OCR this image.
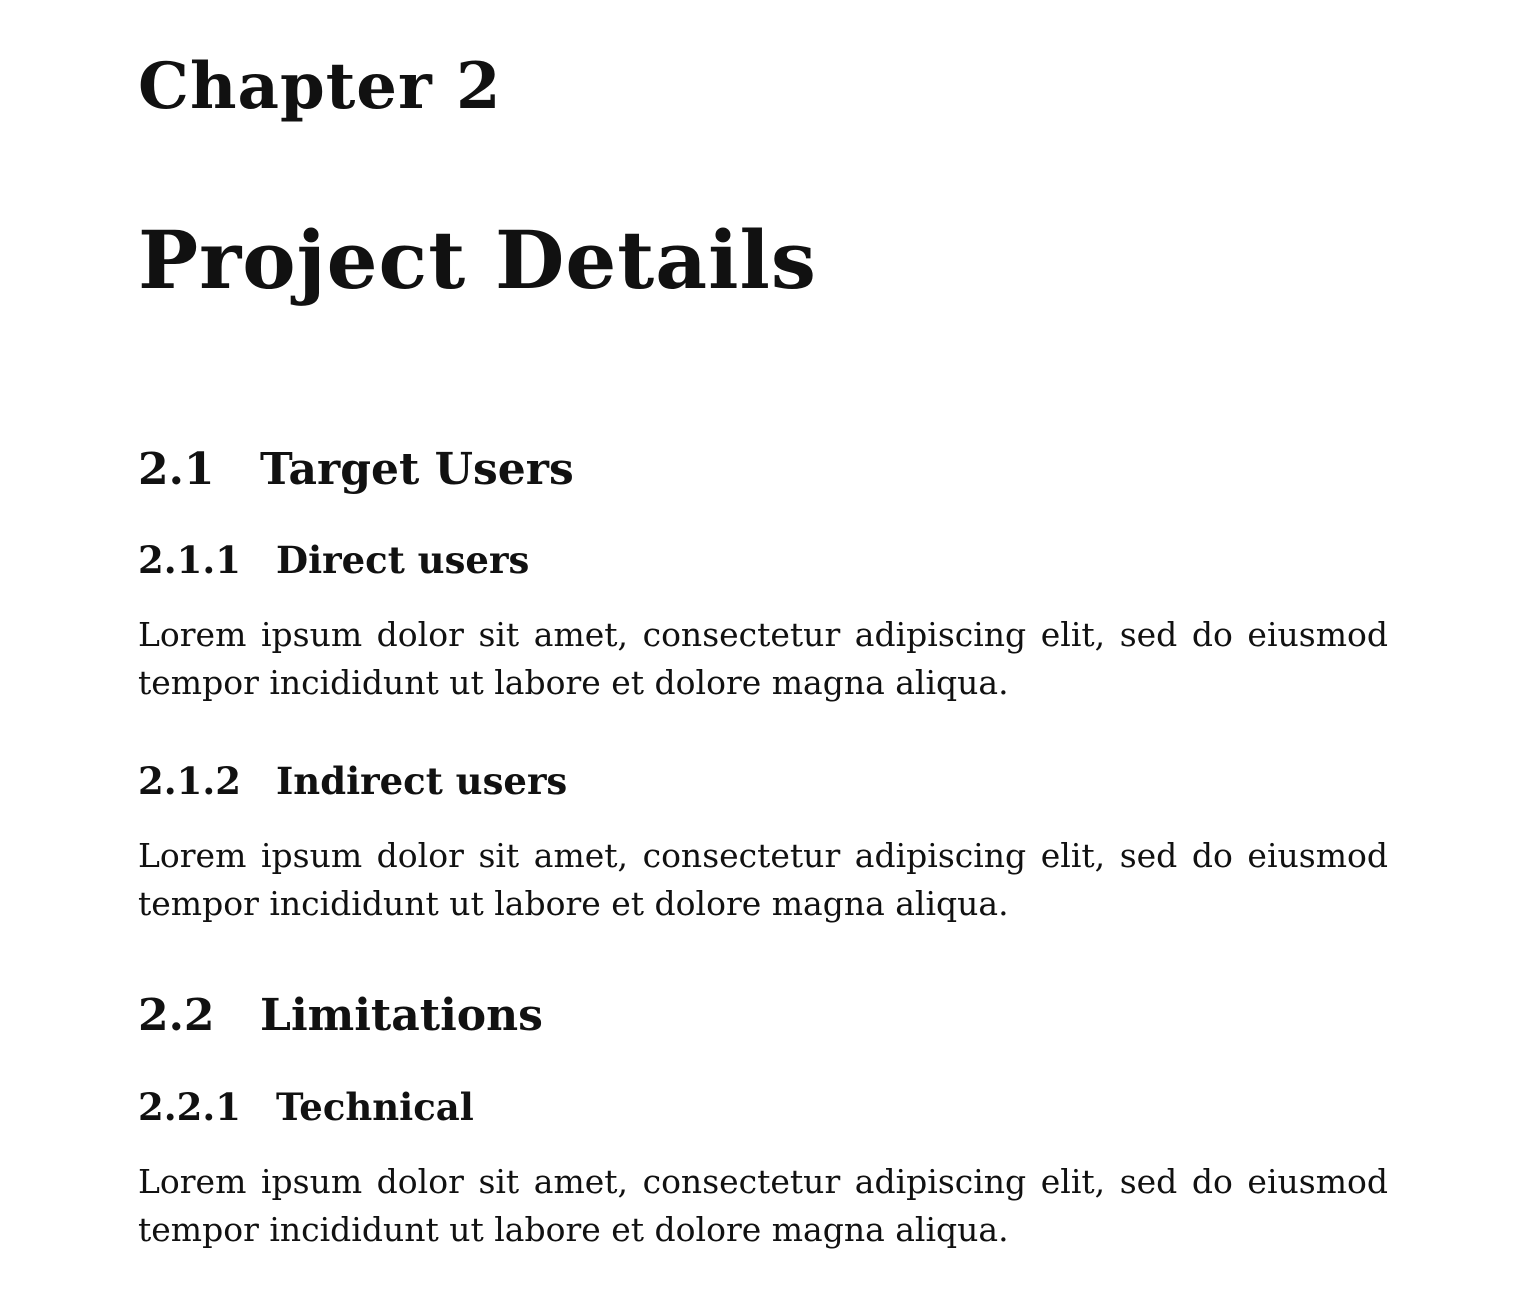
Chapter 2
Project Details
2.1 Target Users
2.1.1 Direct users
Lorem ipsum dolor sit amet, consectetur adipiscing elit, sed do eiusmod
tempor incididunt ut labore et dolore magna aliqua.
2.1.2 Indirect users
Lorem ipsum dolor sit amet, consectetur adipiscing elit, sed do eiusmod
tempor incididunt ut labore et dolore magna aliqua.
2.2 Limitations
2.2.1 Technical
Lorem ipsum dolor sit amet, consectetur adipiscing elit, sed do eiusmod
tempor incididunt ut labore et dolore magna aliqua.
